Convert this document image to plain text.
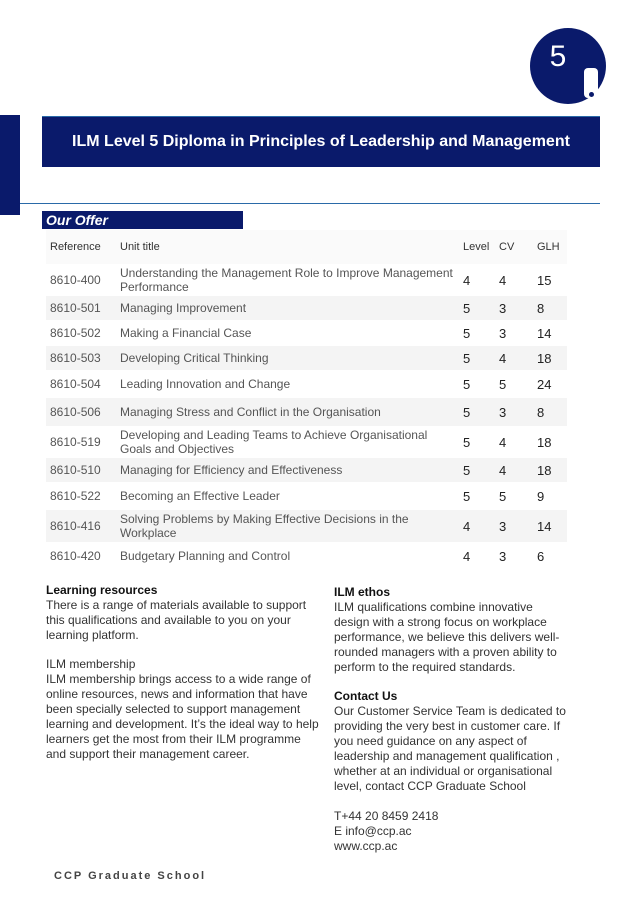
5
ILM Level 5 Diploma in Principles of Leadership and Management
Our Offer
Reference	Unit title	Level	CV	GLH
8610-400	Understanding the Management Role to Improve Management Performance	4	4	15
8610-501	Managing Improvement	5	3	8
8610-502	Making a Financial Case	5	3	14
8610-503	Developing Critical Thinking	5	4	18
8610-504	Leading Innovation and Change	5	5	24
8610-506	Managing Stress and Conflict in the Organisation	5	3	8
8610-519	Developing and Leading Teams to Achieve Organisational Goals and Objectives	5	4	18
8610-510	Managing for Efficiency and Effectiveness	5	4	18
8610-522	Becoming an Effective Leader	5	5	9
8610-416	Solving Problems by Making Effective Decisions in the Workplace	4	3	14
8610-420	Budgetary Planning and Control	4	3	6
Learning resources
There is a range of materials available to support this qualifications and available to you on your learning platform.
ILM membership
ILM membership brings access to a wide range of online resources, news and information that have been specially selected to support management learning and development. It’s the ideal way to help learners get the most from their ILM programme and support their management career.
ILM ethos
ILM qualifications combine innovative design with a strong focus on workplace performance, we believe this delivers well-rounded managers with a proven ability to perform to the required standards.
Contact Us
Our Customer Service Team is dedicated to providing the very best in customer care. If you need guidance on any aspect of leadership and management qualification , whether at an individual or organisational level, contact CCP Graduate School
T+44 20 8459 2418
E info@ccp.ac
www.ccp.ac
CCP Graduate School
